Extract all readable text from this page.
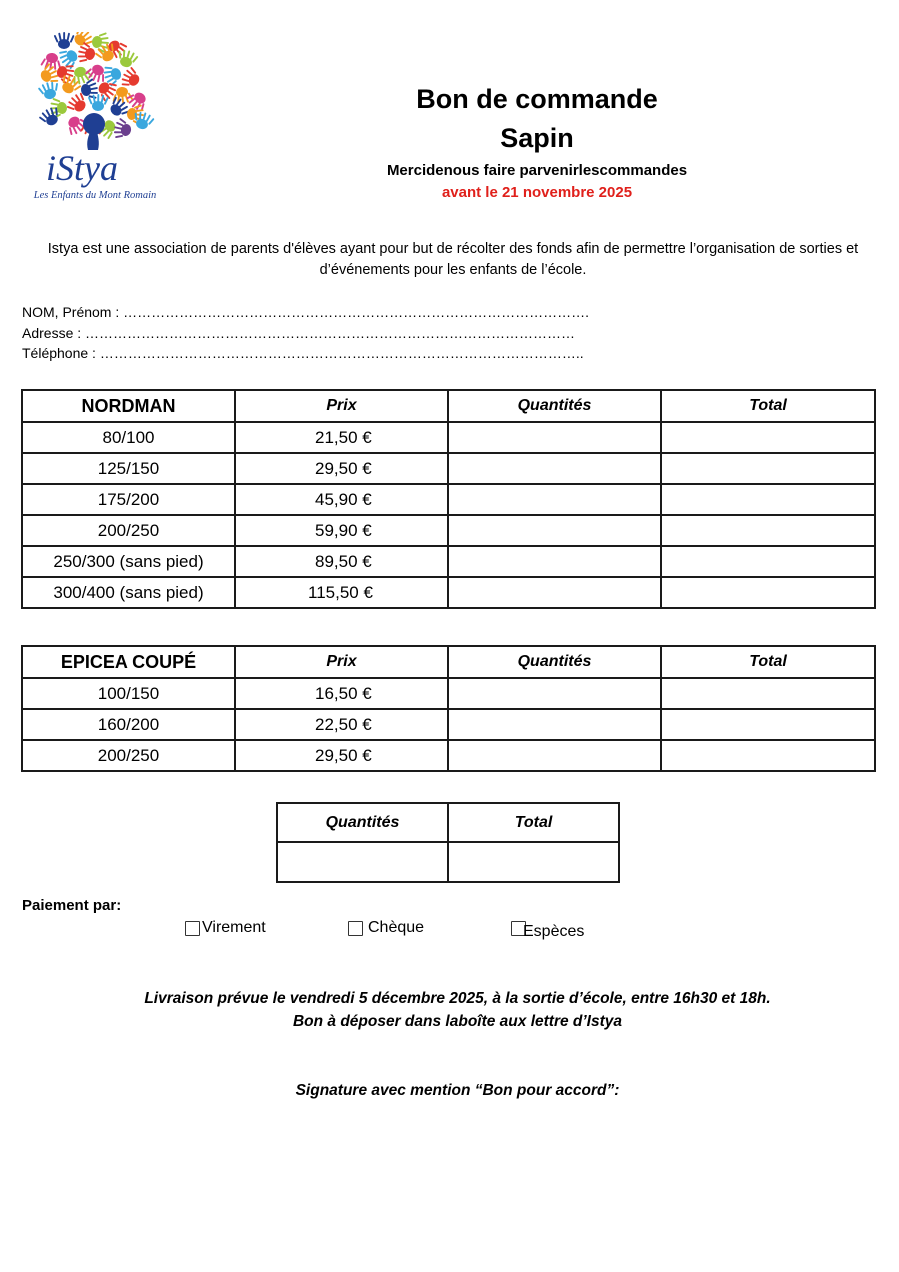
iStya
Les Enfants du Mont Romain
Bon de commande
Sapin
Mercidenous faire parvenirlescommandes
avant le 21 novembre 2025
Istya est une association de parents d'élèves ayant pour but de récolter des fonds afin de permettre l’organisation de sorties et
d’événements pour les enfants de l’école.
NOM, Prénom : ……………………………………………………………………………………….
Adresse : ……………………………………………………………………………………………
Téléphone : …………………………………………………………………………………………..
NORDMAN	Prix	Quantités	Total
80/100	21,50 €		
125/150	29,50 €		
175/200	45,90 €		
200/250	59,90 €		
250/300 (sans pied)	89,50 €		
300/400 (sans pied)	115,50 €		
EPICEA COUPÉ	Prix	Quantités	Total
100/150	16,50 €		
160/200	22,50 €		
200/250	29,50 €		
Quantités	Total

Paiement par:
Virement	Chèque	Espèces
Livraison prévue le vendredi 5 décembre 2025, à la sortie d’école, entre 16h30 et 18h.
Bon à déposer dans laboîte aux lettre d’Istya
Signature avec mention “Bon pour accord”:
